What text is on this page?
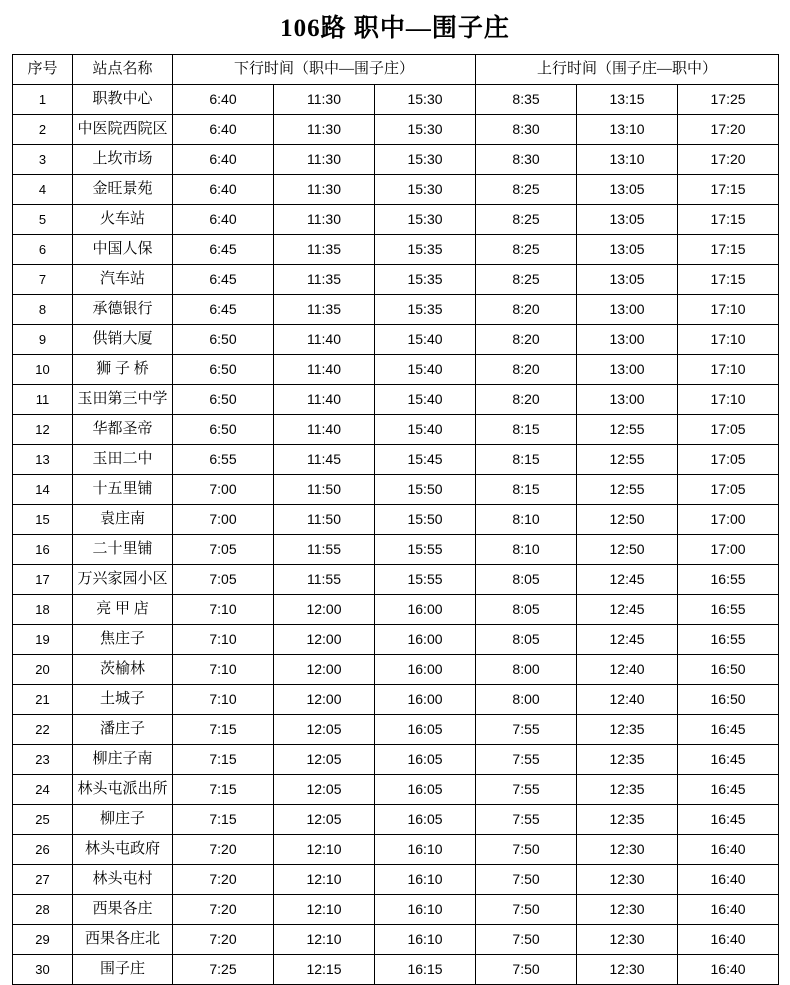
106路 职中—围子庄
序号	站点名称	下行时间（职中—围子庄）			上行时间（围子庄—职中）		
1	职教中心	6:40	11:30	15:30	8:35	13:15	17:25
2	中医院西院区	6:40	11:30	15:30	8:30	13:10	17:20
3	上坎市场	6:40	11:30	15:30	8:30	13:10	17:20
4	金旺景苑	6:40	11:30	15:30	8:25	13:05	17:15
5	火车站	6:40	11:30	15:30	8:25	13:05	17:15
6	中国人保	6:45	11:35	15:35	8:25	13:05	17:15
7	汽车站	6:45	11:35	15:35	8:25	13:05	17:15
8	承德银行	6:45	11:35	15:35	8:20	13:00	17:10
9	供销大厦	6:50	11:40	15:40	8:20	13:00	17:10
10	狮 子 桥	6:50	11:40	15:40	8:20	13:00	17:10
11	玉田第三中学	6:50	11:40	15:40	8:20	13:00	17:10
12	华都圣帝	6:50	11:40	15:40	8:15	12:55	17:05
13	玉田二中	6:55	11:45	15:45	8:15	12:55	17:05
14	十五里铺	7:00	11:50	15:50	8:15	12:55	17:05
15	袁庄南	7:00	11:50	15:50	8:10	12:50	17:00
16	二十里铺	7:05	11:55	15:55	8:10	12:50	17:00
17	万兴家园小区	7:05	11:55	15:55	8:05	12:45	16:55
18	亮 甲 店	7:10	12:00	16:00	8:05	12:45	16:55
19	焦庄子	7:10	12:00	16:00	8:05	12:45	16:55
20	茨榆林	7:10	12:00	16:00	8:00	12:40	16:50
21	土城子	7:10	12:00	16:00	8:00	12:40	16:50
22	潘庄子	7:15	12:05	16:05	7:55	12:35	16:45
23	柳庄子南	7:15	12:05	16:05	7:55	12:35	16:45
24	林头屯派出所	7:15	12:05	16:05	7:55	12:35	16:45
25	柳庄子	7:15	12:05	16:05	7:55	12:35	16:45
26	林头屯政府	7:20	12:10	16:10	7:50	12:30	16:40
27	林头屯村	7:20	12:10	16:10	7:50	12:30	16:40
28	西果各庄	7:20	12:10	16:10	7:50	12:30	16:40
29	西果各庄北	7:20	12:10	16:10	7:50	12:30	16:40
30	围子庄	7:25	12:15	16:15	7:50	12:30	16:40
